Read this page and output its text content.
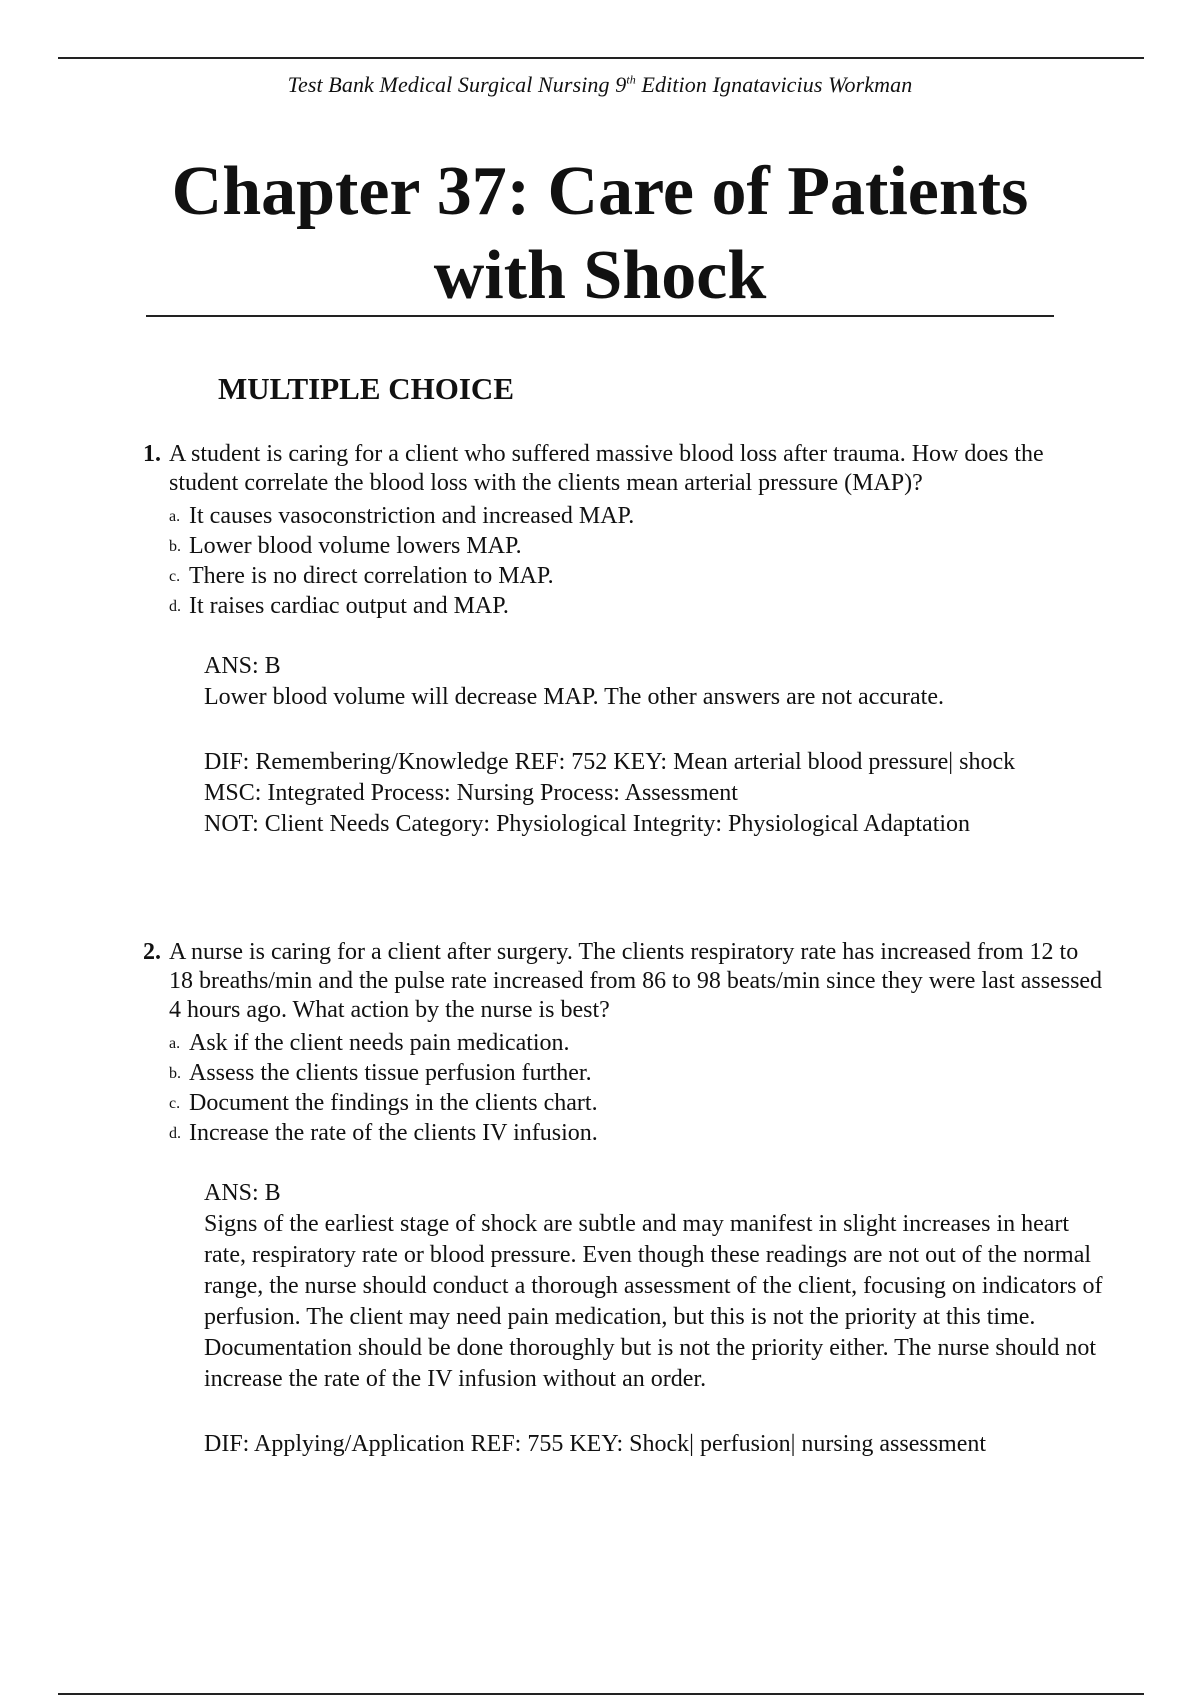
Test Bank Medical Surgical Nursing 9th Edition Ignatavicius Workman
Chapter 37: Care of Patients
with Shock
MULTIPLE CHOICE

1. A student is caring for a client who suffered massive blood loss after trauma. How does the student correlate the blood loss with the clients mean arterial pressure (MAP)?

a. It causes vasoconstriction and increased MAP.
b. Lower blood volume lowers MAP.
c. There is no direct correlation to MAP.
d. It raises cardiac output and MAP.

ANS: B

Lower blood volume will decrease MAP. The other answers are not accurate.

DIF: Remembering/Knowledge REF: 752 KEY: Mean arterial blood pressure| shock

MSC: Integrated Process: Nursing Process: Assessment

NOT: Client Needs Category: Physiological Integrity: Physiological Adaptation

2. A nurse is caring for a client after surgery. The clients respiratory rate has increased from 12 to 18 breaths/min and the pulse rate increased from 86 to 98 beats/min since they were last assessed 4 hours ago. What action by the nurse is best?

a. Ask if the client needs pain medication.
b. Assess the clients tissue perfusion further.
c. Document the findings in the clients chart.
d. Increase the rate of the clients IV infusion.

ANS: B

Signs of the earliest stage of shock are subtle and may manifest in slight increases in heart rate, respiratory rate or blood pressure. Even though these readings are not out of the normal range, the nurse should conduct a thorough assessment of the client, focusing on indicators of perfusion. The client may need pain medication, but this is not the priority at this time. Documentation should be done thoroughly but is not the priority either. The nurse should not increase the rate of the IV infusion without an order.

DIF: Applying/Application REF: 755 KEY: Shock| perfusion| nursing assessment
